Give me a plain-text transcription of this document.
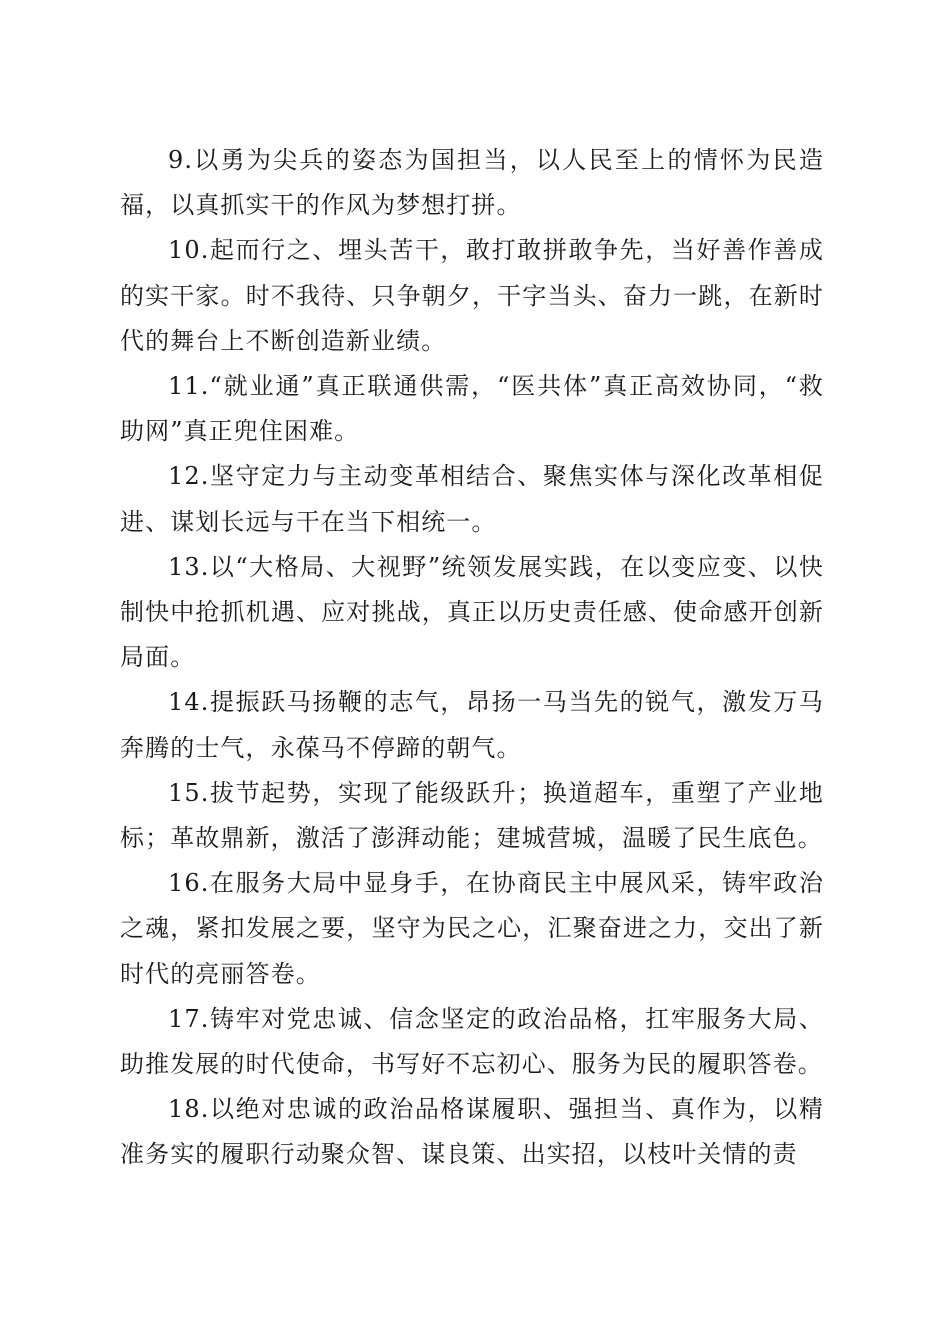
9.以勇为尖兵的姿态为国担当，以人民至上的情怀为民造福，以真抓实干的作风为梦想打拼。

10.起而行之、埋头苦干，敢打敢拼敢争先，当好善作善成的实干家。时不我待、只争朝夕，干字当头、奋力一跳，在新时代的舞台上不断创造新业绩。

11.“就业通”真正联通供需，“医共体”真正高效协同，“救助网”真正兜住困难。

12.坚守定力与主动变革相结合、聚焦实体与深化改革相促进、谋划长远与干在当下相统一。

13.以“大格局、大视野”统领发展实践，在以变应变、以快制快中抢抓机遇、应对挑战，真正以历史责任感、使命感开创新局面。

14.提振跃马扬鞭的志气，昂扬一马当先的锐气，激发万马奔腾的士气，永葆马不停蹄的朝气。

15.拔节起势，实现了能级跃升；换道超车，重塑了产业地标；革故鼎新，激活了澎湃动能；建城营城，温暖了民生底色。

16.在服务大局中显身手，在协商民主中展风采，铸牢政治之魂，紧扣发展之要，坚守为民之心，汇聚奋进之力，交出了新时代的亮丽答卷。

17.铸牢对党忠诚、信念坚定的政治品格，扛牢服务大局、助推发展的时代使命，书写好不忘初心、服务为民的履职答卷。

18.以绝对忠诚的政治品格谋履职、强担当、真作为，以精准务实的履职行动聚众智、谋良策、出实招，以枝叶关情的责
